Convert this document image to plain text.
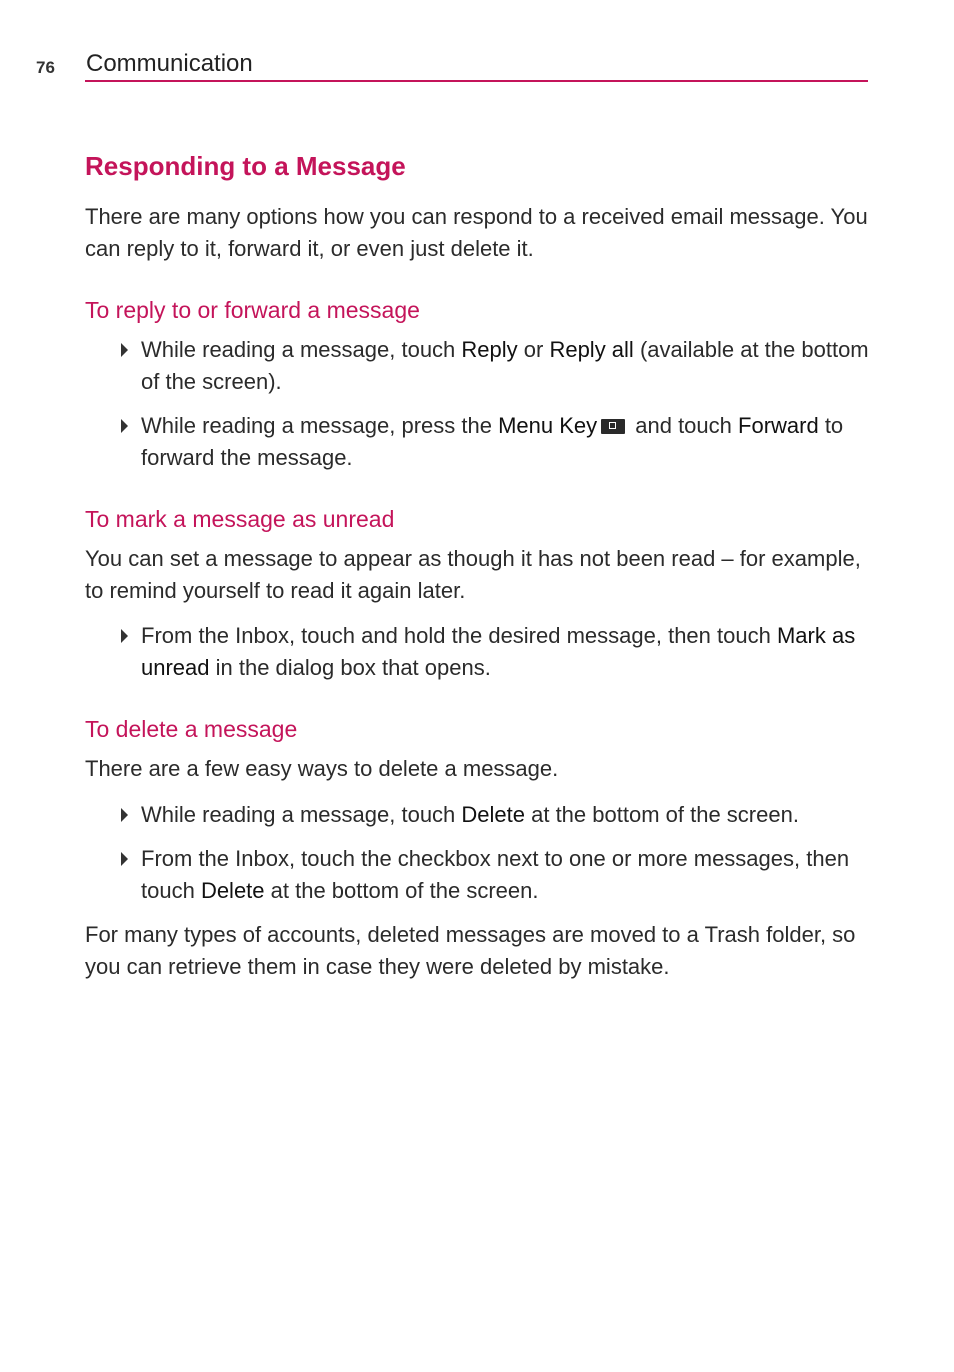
76 Communication
Responding to a Message

There are many options how you can respond to a received email message. You can reply to it, forward it, or even just delete it.

To reply to or forward a message
While reading a message, touch Reply or Reply all (available at the bottom of the screen).
While reading a message, press the Menu Key and touch Forward to forward the message.
To mark a message as unread

You can set a message to appear as though it has not been read – for example, to remind yourself to read it again later.

From the Inbox, touch and hold the desired message, then touch Mark as unread in the dialog box that opens.
To delete a message

There are a few easy ways to delete a message.

While reading a message, touch Delete at the bottom of the screen.
From the Inbox, touch the checkbox next to one or more messages, then touch Delete at the bottom of the screen.

For many types of accounts, deleted messages are moved to a Trash folder, so you can retrieve them in case they were deleted by mistake.
